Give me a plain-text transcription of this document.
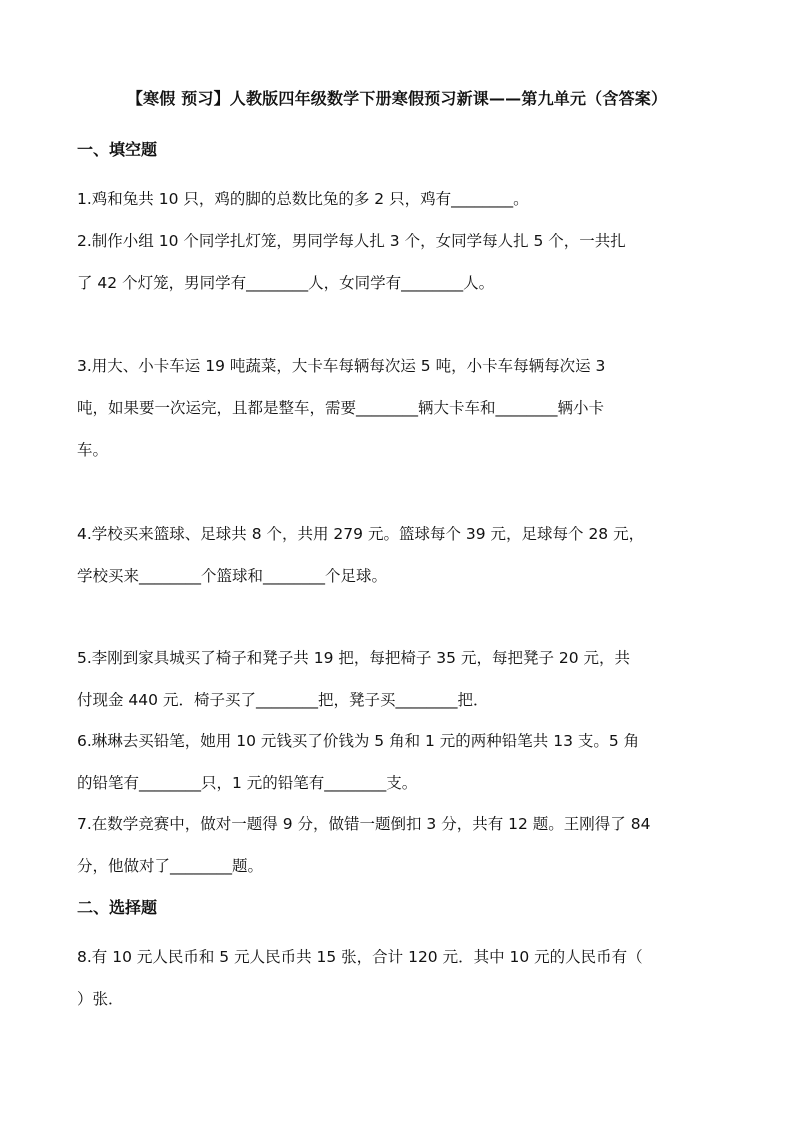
【寒假 预习】人教版四年级数学下册寒假预习新课——第九单元（含答案）
一、填空题
1.鸡和兔共 10 只，鸡的脚的总数比兔的多 2 只，鸡有________。
2.制作小组 10 个同学扎灯笼，男同学每人扎 3 个，女同学每人扎 5 个，一共扎
了 42 个灯笼，男同学有________人，女同学有________人。
3.用大、小卡车运 19 吨蔬菜，大卡车每辆每次运 5 吨，小卡车每辆每次运 3
吨，如果要一次运完，且都是整车，需要________辆大卡车和________辆小卡
车。
4.学校买来篮球、足球共 8 个，共用 279 元。篮球每个 39 元，足球每个 28 元，
学校买来________个篮球和________个足球。
5.李刚到家具城买了椅子和凳子共 19 把，每把椅子 35 元，每把凳子 20 元，共
付现金 440 元．椅子买了________把，凳子买________把．
6.琳琳去买铅笔，她用 10 元钱买了价钱为 5 角和 1 元的两种铅笔共 13 支。5 角
的铅笔有________只，1 元的铅笔有________支。
7.在数学竞赛中，做对一题得 9 分，做错一题倒扣 3 分，共有 12 题。王刚得了 84
分，他做对了________题。
二、选择题
8.有 10 元人民币和 5 元人民币共 15 张，合计 120 元．其中 10 元的人民币有（
）张．
